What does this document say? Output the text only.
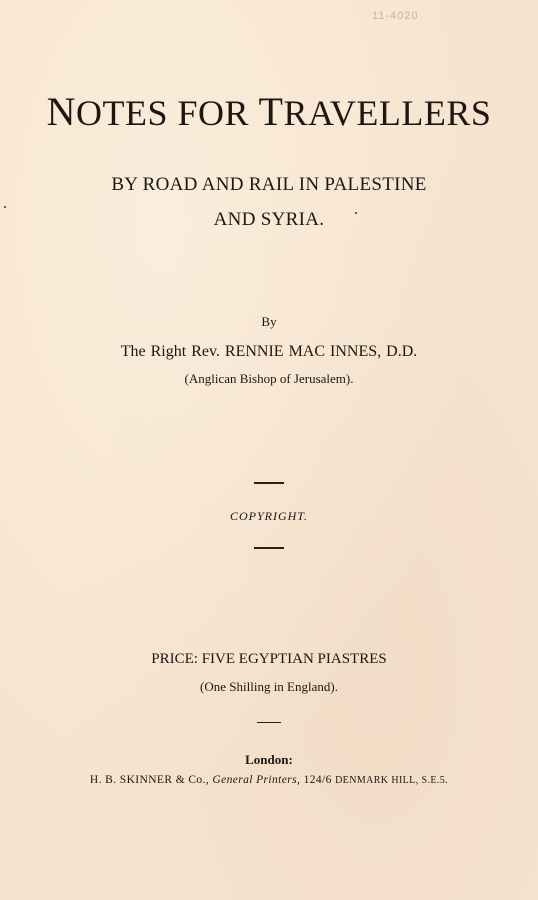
11-4020
NOTES FOR TRAVELLERS
BY ROAD AND RAIL IN PALESTINE
AND SYRIA.
By
The Right Rev. RENNIE MAC INNES, D.D.
(Anglican Bishop of Jerusalem).
COPYRIGHT.
PRICE: FIVE EGYPTIAN PIASTRES
(One Shilling in England).
London:
H. B. SKINNER & Co., General Printers, 124/6 DENMARK HILL, S.E.5.
